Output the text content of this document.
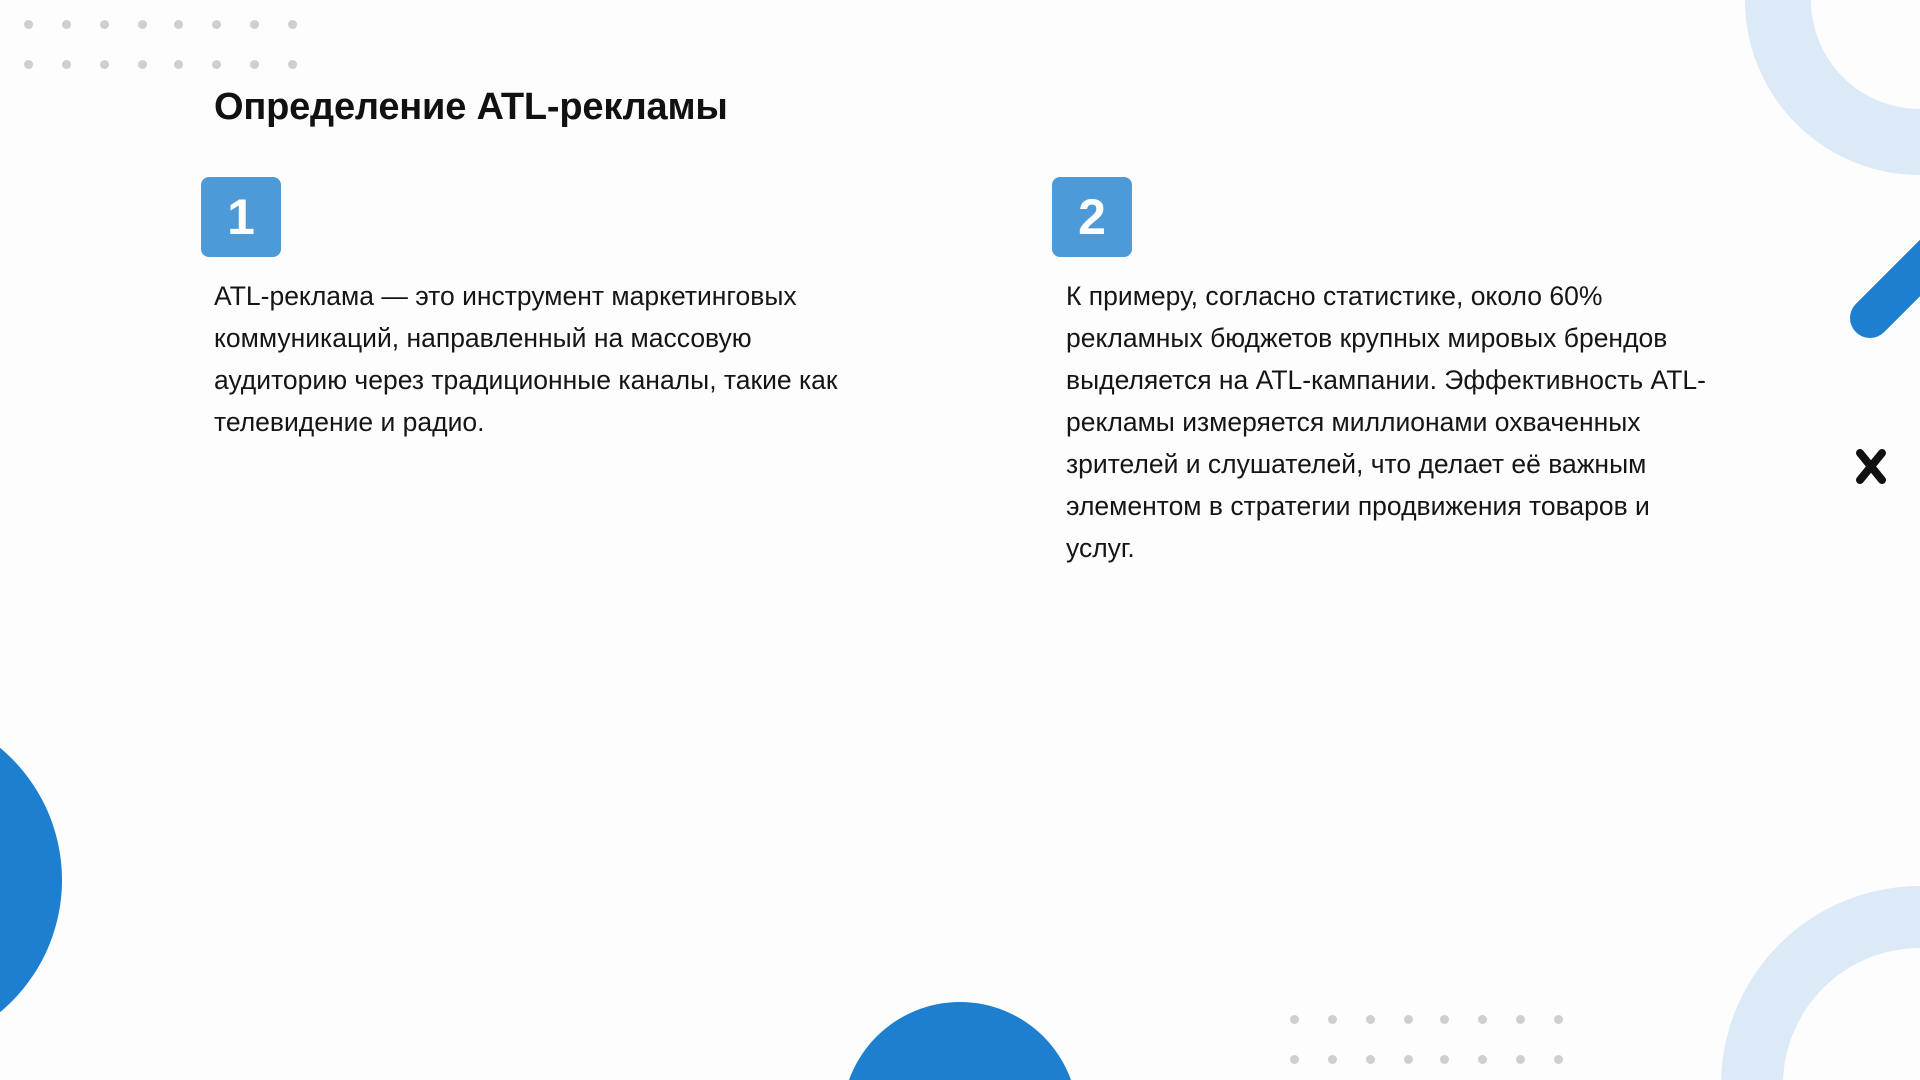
Определение ATL-рекламы
1

ATL-реклама — это инструмент маркетинговых коммуникаций, направленный на массовую аудиторию через традиционные каналы, такие как телевидение и радио.

2

К примеру, согласно статистике, около 60% рекламных бюджетов крупных мировых брендов выделяется на ATL-кампании. Эффективность ATL-рекламы измеряется миллионами охваченных зрителей и слушателей, что делает её важным элементом в стратегии продвижения товаров и услуг.
